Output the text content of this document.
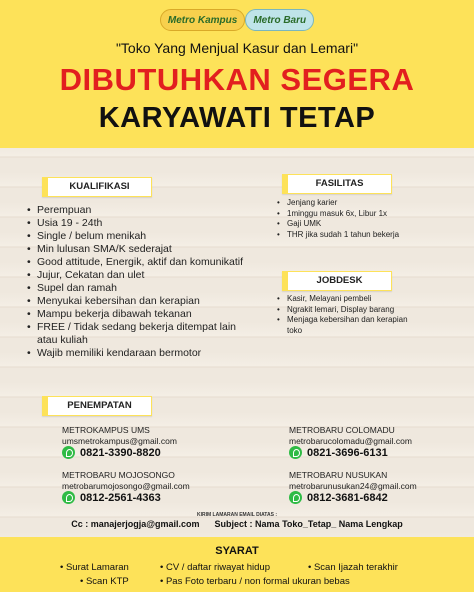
Metro Kampus	Metro Baru
"Toko Yang Menjual Kasur dan Lemari"
DIBUTUHKAN SEGERA
KARYAWATI TETAP
KUALIFIKASI
• Perempuan
• Usia 19 - 24th
• Single / belum menikah
• Min lulusan SMA/K sederajat
• Good attitude, Energik, aktif dan komunikatif
• Jujur, Cekatan dan ulet
• Supel dan ramah
• Menyukai kebersihan dan kerapian
• Mampu bekerja dibawah tekanan
• FREE / Tidak sedang bekerja ditempat lain atau kuliah
• Wajib memiliki kendaraan bermotor
FASILITAS
• Jenjang karier
• 1minggu masuk 6x, Libur 1x
• Gaji UMK
• THR jika sudah 1 tahun bekerja
JOBDESK
• Kasir, Melayani pembeli
• Ngrakit lemari, Display barang
• Menjaga kebersihan dan kerapian toko
PENEMPATAN
METROKAMPUS UMS
umsmetrokampus@gmail.com
0821-3390-8820
METROBARU MOJOSONGO
metrobarumojosongo@gmail.com
0812-2561-4363
METROBARU COLOMADU
metrobarucolomadu@gmail.com
0821-3696-6131
METROBARU NUSUKAN
metrobarunusukan24@gmail.com
0812-3681-6842
KIRIM LAMARAN EMAIL DIATAS :
Cc : manajerjogja@gmail.com      Subject : Nama Toko_Tetap_ Nama Lengkap
SYARAT
• Surat Lamaran	• CV / daftar riwayat hidup	• Scan Ijazah terakhir
• Scan KTP	• Pas Foto terbaru / non formal ukuran bebas
